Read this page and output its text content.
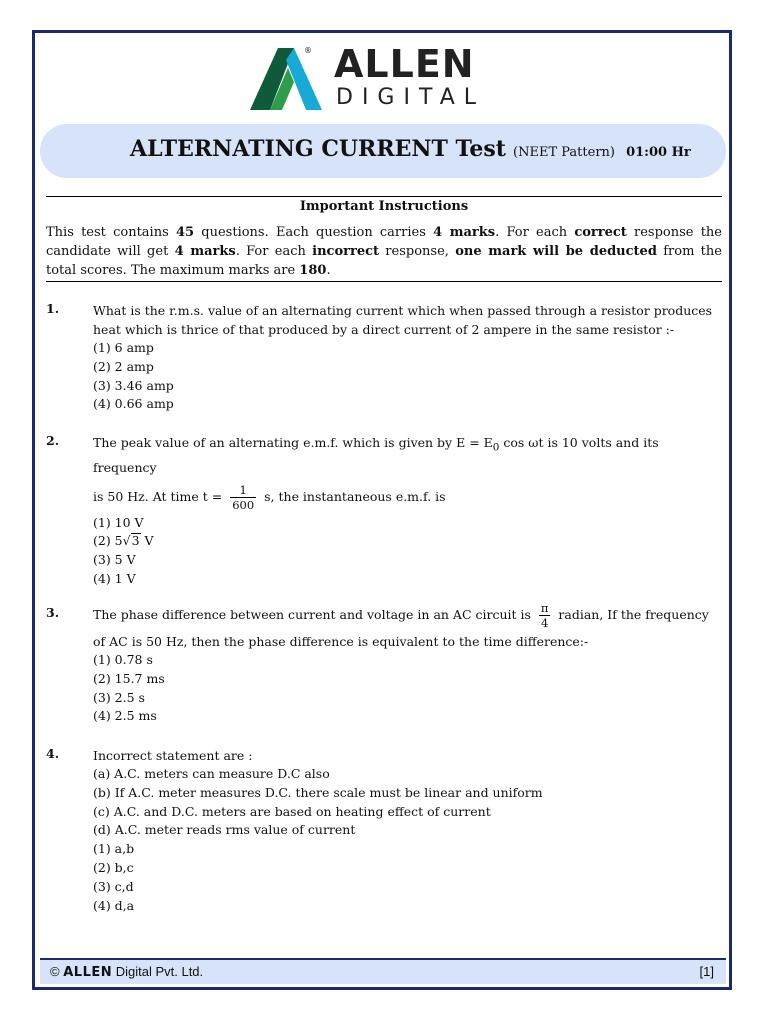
® ALLEN
DIGITAL
ALTERNATING CURRENT Test (NEET Pattern) 01:00 Hr
Important Instructions
This test contains 45 questions. Each question carries 4 marks. For each correct response the candidate will get 4 marks. For each incorrect response, one mark will be deducted from the total scores. The maximum marks are 180.
1.	What is the r.m.s. value of an alternating current which when passed through a resistor produces heat which is thrice of that produced by a direct current of 2 ampere in the same resistor :-
(1) 6 amp
(2) 2 amp
(3) 3.46 amp
(4) 0.66 amp
2.	The peak value of an alternating e.m.f. which is given by $E = E_0$ cos ωt is 10 volts and its frequency
is 50 Hz. At time $t = \frac{1}{600} s$, the instantaneous e.m.f. is
(1) 10 V
(2) 5√3 V
(3) 5 V
(4) 1 V
3.	The phase difference between current and voltage in an AC circuit is $\frac{\pi}{4}$ radian, If the frequency
of AC is 50 Hz, then the phase difference is equivalent to the time difference:-
(1) 0.78 s
(2) 15.7 ms
(3) 2.5 s
(4) 2.5 ms
4.	Incorrect statement are :
(a) A.C. meters can measure D.C also
(b) If A.C. meter measures D.C. there scale must be linear and uniform
(c) A.C. and D.C. meters are based on heating effect of current
(d) A.C. meter reads rms value of current
(1) a,b
(2) b,c
(3) c,d
(4) d,a
© ALLEN Digital Pvt. Ltd.	[1]
